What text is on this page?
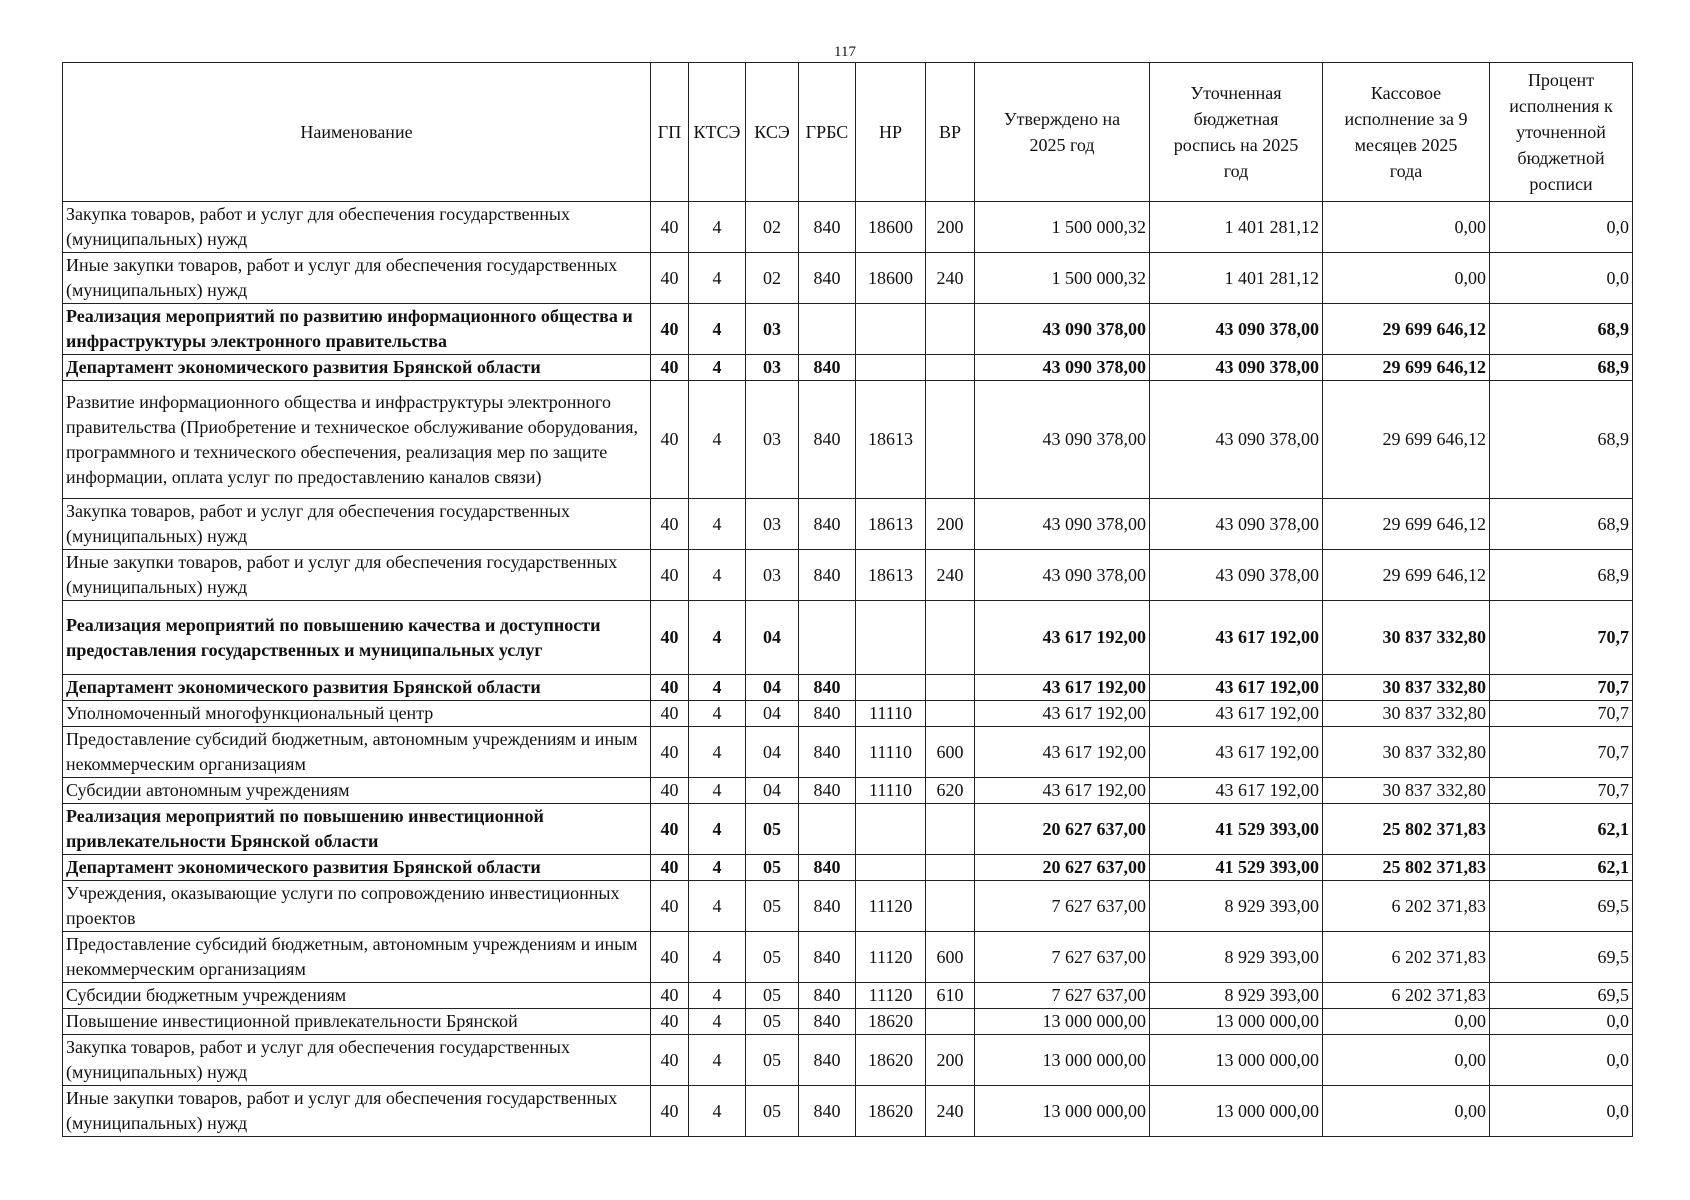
117
Наименование	ГП	КТСЭ	КСЭ	ГРБС	НР	ВР	Утверждено на 2025 год	Уточненная бюджетная роспись на 2025 год	Кассовое исполнение за 9 месяцев 2025 года	Процент исполнения к уточненной бюджетной росписи
Закупка товаров, работ и услуг для обеспечения государственных (муниципальных) нужд	40	4	02	840	18600	200	1 500 000,32	1 401 281,12	0,00	0,0
Иные закупки товаров, работ и услуг для обеспечения государственных (муниципальных) нужд	40	4	02	840	18600	240	1 500 000,32	1 401 281,12	0,00	0,0
Реализация мероприятий по развитию информационного общества и инфраструктуры электронного правительства	40	4	03				43 090 378,00	43 090 378,00	29 699 646,12	68,9
Департамент экономического развития Брянской области	40	4	03	840			43 090 378,00	43 090 378,00	29 699 646,12	68,9
Развитие информационного общества и инфраструктуры электронного правительства (Приобретение и техническое обслуживание оборудования, программного и технического обеспечения, реализация мер по защите информации, оплата услуг по предоставлению каналов связи)	40	4	03	840	18613		43 090 378,00	43 090 378,00	29 699 646,12	68,9
Закупка товаров, работ и услуг для обеспечения государственных (муниципальных) нужд	40	4	03	840	18613	200	43 090 378,00	43 090 378,00	29 699 646,12	68,9
Иные закупки товаров, работ и услуг для обеспечения государственных (муниципальных) нужд	40	4	03	840	18613	240	43 090 378,00	43 090 378,00	29 699 646,12	68,9
Реализация мероприятий по повышению качества и доступности предоставления государственных и муниципальных услуг	40	4	04				43 617 192,00	43 617 192,00	30 837 332,80	70,7
Департамент экономического развития Брянской области	40	4	04	840			43 617 192,00	43 617 192,00	30 837 332,80	70,7
Уполномоченный многофункциональный центр	40	4	04	840	11110		43 617 192,00	43 617 192,00	30 837 332,80	70,7
Предоставление субсидий бюджетным, автономным учреждениям и иным некоммерческим организациям	40	4	04	840	11110	600	43 617 192,00	43 617 192,00	30 837 332,80	70,7
Субсидии автономным учреждениям	40	4	04	840	11110	620	43 617 192,00	43 617 192,00	30 837 332,80	70,7
Реализация мероприятий по повышению инвестиционной привлекательности Брянской области	40	4	05				20 627 637,00	41 529 393,00	25 802 371,83	62,1
Департамент экономического развития Брянской области	40	4	05	840			20 627 637,00	41 529 393,00	25 802 371,83	62,1
Учреждения, оказывающие услуги по сопровождению инвестиционных проектов	40	4	05	840	11120		7 627 637,00	8 929 393,00	6 202 371,83	69,5
Предоставление субсидий бюджетным, автономным учреждениям и иным некоммерческим организациям	40	4	05	840	11120	600	7 627 637,00	8 929 393,00	6 202 371,83	69,5
Субсидии бюджетным учреждениям	40	4	05	840	11120	610	7 627 637,00	8 929 393,00	6 202 371,83	69,5
Повышение инвестиционной привлекательности Брянской	40	4	05	840	18620		13 000 000,00	13 000 000,00	0,00	0,0
Закупка товаров, работ и услуг для обеспечения государственных (муниципальных) нужд	40	4	05	840	18620	200	13 000 000,00	13 000 000,00	0,00	0,0
Иные закупки товаров, работ и услуг для обеспечения государственных (муниципальных) нужд	40	4	05	840	18620	240	13 000 000,00	13 000 000,00	0,00	0,0
